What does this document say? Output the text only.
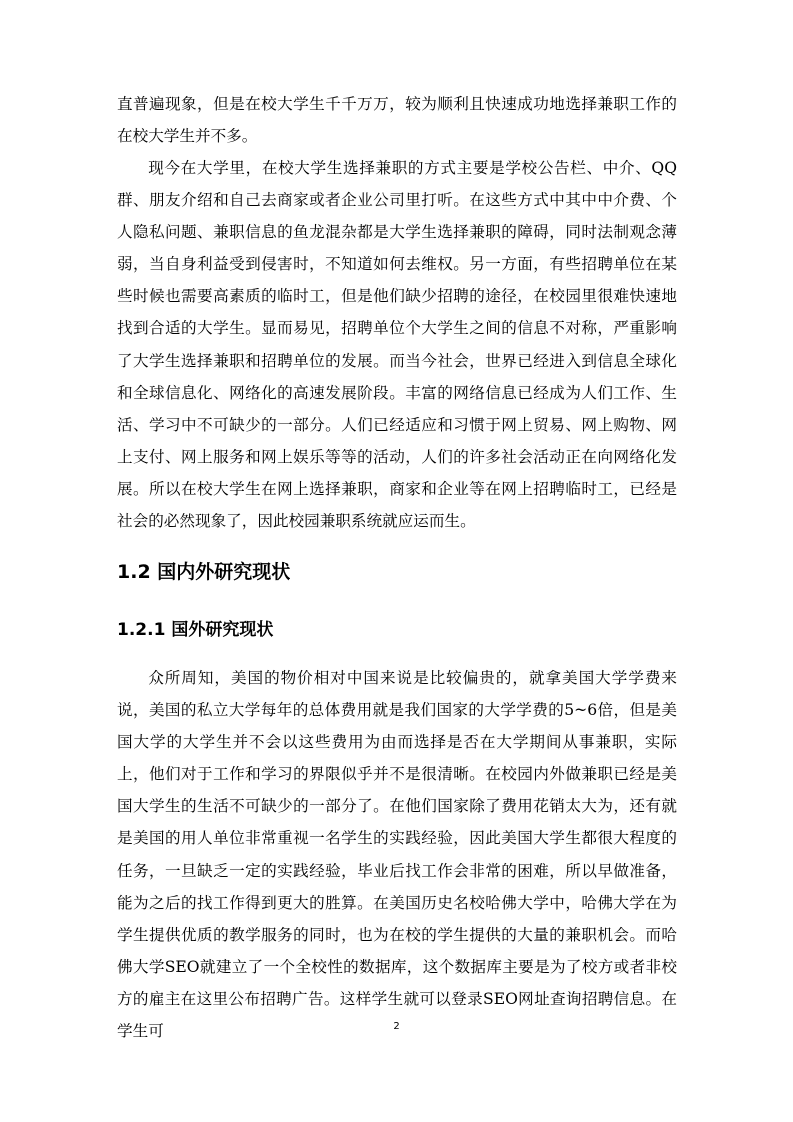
直普遍现象，但是在校大学生千千万万，较为顺利且快速成功地选择兼职工作的在校大学生并不多。

现今在大学里，在校大学生选择兼职的方式主要是学校公告栏、中介、QQ群、朋友介绍和自己去商家或者企业公司里打听。在这些方式中其中中介费、个人隐私问题、兼职信息的鱼龙混杂都是大学生选择兼职的障碍，同时法制观念薄弱，当自身利益受到侵害时，不知道如何去维权。另一方面，有些招聘单位在某些时候也需要高素质的临时工，但是他们缺少招聘的途径，在校园里很难快速地找到合适的大学生。显而易见，招聘单位个大学生之间的信息不对称，严重影响了大学生选择兼职和招聘单位的发展。而当今社会，世界已经进入到信息全球化和全球信息化、网络化的高速发展阶段。丰富的网络信息已经成为人们工作、生活、学习中不可缺少的一部分。人们已经适应和习惯于网上贸易、网上购物、网上支付、网上服务和网上娱乐等等的活动，人们的许多社会活动正在向网络化发展。所以在校大学生在网上选择兼职，商家和企业等在网上招聘临时工，已经是社会的必然现象了，因此校园兼职系统就应运而生。

1.2 国内外研究现状
1.2.1 国外研究现状

众所周知，美国的物价相对中国来说是比较偏贵的，就拿美国大学学费来说，美国的私立大学每年的总体费用就是我们国家的大学学费的5~6倍，但是美国大学的大学生并不会以这些费用为由而选择是否在大学期间从事兼职，实际上，他们对于工作和学习的界限似乎并不是很清晰。在校园内外做兼职已经是美国大学生的生活不可缺少的一部分了。在他们国家除了费用花销太大为，还有就是美国的用人单位非常重视一名学生的实践经验，因此美国大学生都很大程度的任务，一旦缺乏一定的实践经验，毕业后找工作会非常的困难，所以早做准备，能为之后的找工作得到更大的胜算。在美国历史名校哈佛大学中，哈佛大学在为学生提供优质的教学服务的同时，也为在校的学生提供的大量的兼职机会。而哈佛大学SEO就建立了一个全校性的数据库，这个数据库主要是为了校方或者非校方的雇主在这里公布招聘广告。这样学生就可以登录SEO网址查询招聘信息。在学生可	2
